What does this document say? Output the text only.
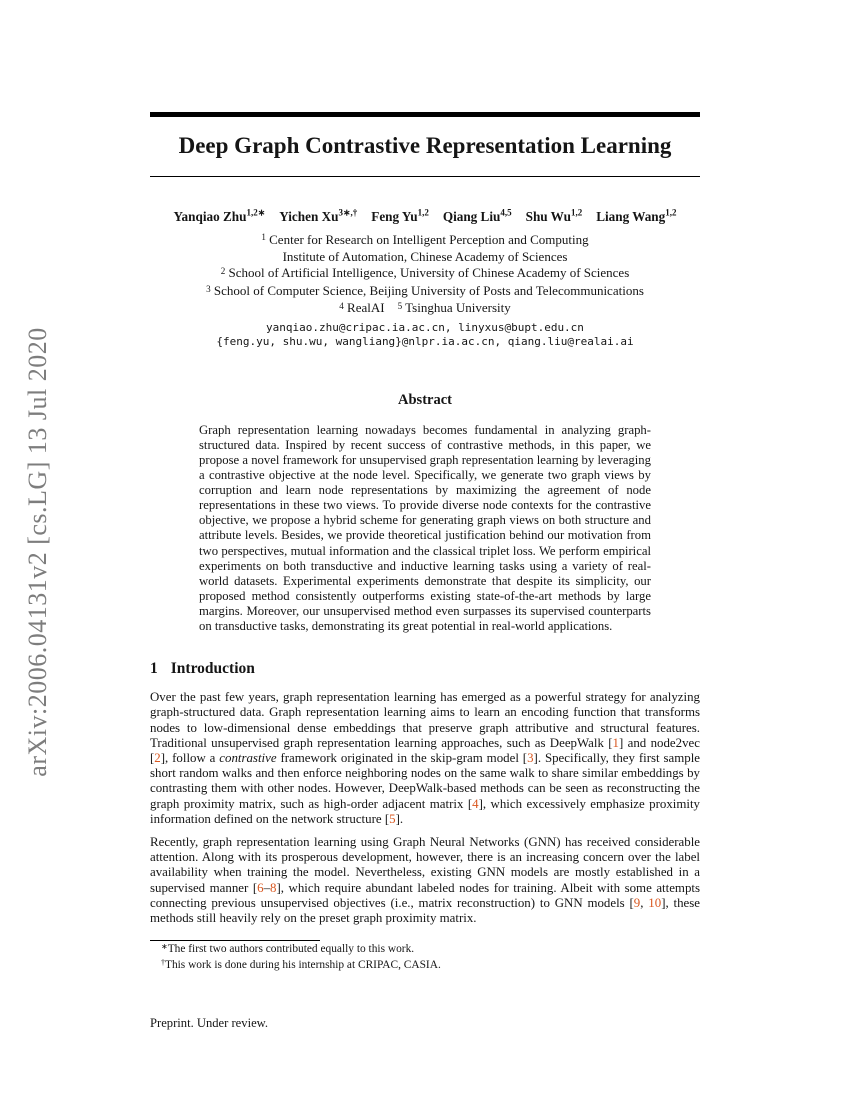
arXiv:2006.04131v2 [cs.LG] 13 Jul 2020
Deep Graph Contrastive Representation Learning
Yanqiao Zhu$^{1,2∗}$ Yichen $Xu^{3∗,\dagger}$ Feng Yu$^{1,2}$ Qiang Liu$^{4,5}$ Shu Wu$^{1,2}$ Liang Wang$^{1,2}$
$^1$ Center for Research on Intelligent Perception and Computing
Institute of Automation, Chinese Academy of Sciences
$^2$ School of Artificial Intelligence, University of Chinese Academy of Sciences
$^3$ School of Computer Science, Beijing University of Posts and Telecommunications
$^4$ RealAI    $^5$ Tsinghua University
yanqiao.zhu@cripac.ia.ac.cn, linyxus@bupt.edu.cn
{feng.yu, shu.wu, wangliang}@nlpr.ia.ac.cn, qiang.liu@realai.ai
Abstract

Graph representation learning nowadays becomes fundamental in analyzing graph-structured data. Inspired by recent success of contrastive methods, in this paper, we propose a novel framework for unsupervised graph representation learning by leveraging a contrastive objective at the node level. Specifically, we generate two graph views by corruption and learn node representations by maximizing the agreement of node representations in these two views. To provide diverse node contexts for the contrastive objective, we propose a hybrid scheme for generating graph views on both structure and attribute levels. Besides, we provide theoretical justification behind our motivation from two perspectives, mutual information and the classical triplet loss. We perform empirical experiments on both transductive and inductive learning tasks using a variety of real-world datasets. Experimental experiments demonstrate that despite its simplicity, our proposed method consistently outperforms existing state-of-the-art methods by large margins. Moreover, our unsupervised method even surpasses its supervised counterparts on transductive tasks, demonstrating its great potential in real-world applications.

1 Introduction

Over the past few years, graph representation learning has emerged as a powerful strategy for analyzing graph-structured data. Graph representation learning aims to learn an encoding function that transforms nodes to low-dimensional dense embeddings that preserve graph attributive and structural features. Traditional unsupervised graph representation learning approaches, such as DeepWalk [1] and node2vec [2], follow a contrastive framework originated in the skip-gram model [3]. Specifically, they first sample short random walks and then enforce neighboring nodes on the same walk to share similar embeddings by contrasting them with other nodes. However, DeepWalk-based methods can be seen as reconstructing the graph proximity matrix, such as high-order adjacent matrix [4], which excessively emphasize proximity information defined on the network structure [5].

Recently, graph representation learning using Graph Neural Networks (GNN) has received considerable attention. Along with its prosperous development, however, there is an increasing concern over the label availability when training the model. Nevertheless, existing GNN models are mostly established in a supervised manner [6–8], which require abundant labeled nodes for training. Albeit with some attempts connecting previous unsupervised objectives (i.e., matrix reconstruction) to GNN models [9, 10], these methods still heavily rely on the preset graph proximity matrix.

∗The first two authors contributed equally to this work.
†This work is done during his internship at CRIPAC, CASIA.
Preprint. Under review.
